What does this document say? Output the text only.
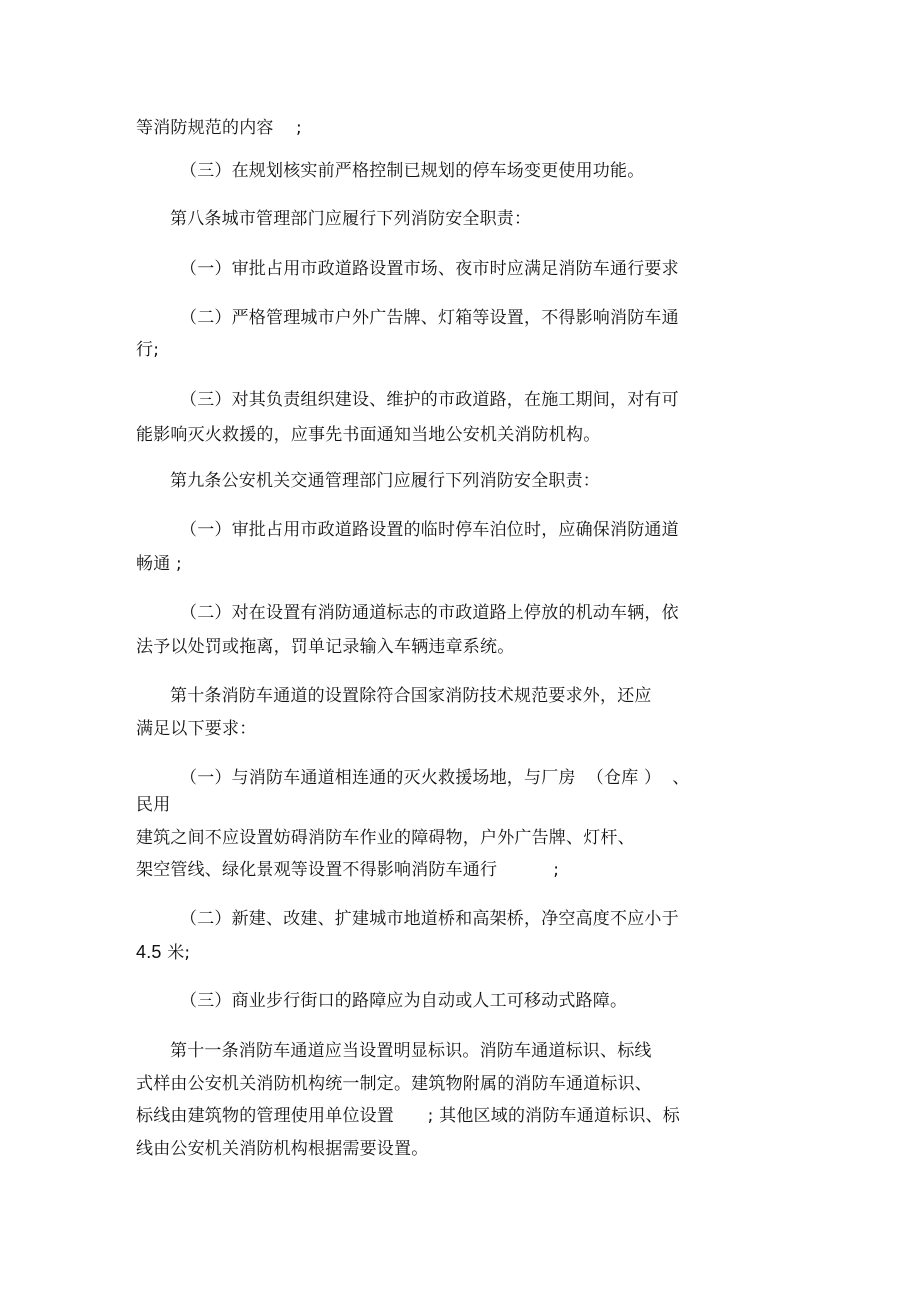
等消防规范的内容    ;
（三）在规划核实前严格控制已规划的停车场变更使用功能。
第八条城市管理部门应履行下列消防安全职责：
（一）审批占用市政道路设置市场、夜市时应满足消防车通行要求
（二）严格管理城市户外广告牌、灯箱等设置，不得影响消防车通
行;
（三）对其负责组织建设、维护的市政道路，在施工期间，对有可
能影响灭火救援的，应事先书面通知当地公安机关消防机构。
第九条公安机关交通管理部门应履行下列消防安全职责：
（一）审批占用市政道路设置的临时停车泊位时，应确保消防通道
畅通 ;
（二）对在设置有消防通道标志的市政道路上停放的机动车辆，依
法予以处罚或拖离，罚单记录输入车辆违章系统。
第十条消防车通道的设置除符合国家消防技术规范要求外，还应
满足以下要求：
（一）与消防车通道相连通的灭火救援场地，与厂房  （仓库 ）  、
民用
建筑之间不应设置妨碍消防车作业的障碍物，户外广告牌、灯杆、
架空管线、绿化景观等设置不得影响消防车通行          ;
（二）新建、改建、扩建城市地道桥和高架桥，净空高度不应小于
4.5 米;
（三）商业步行街口的路障应为自动或人工可移动式路障。
第十一条消防车通道应当设置明显标识。消防车通道标识、标线
式样由公安机关消防机构统一制定。建筑物附属的消防车通道标识、
标线由建筑物的管理使用单位设置      ; 其他区域的消防车通道标识、标
线由公安机关消防机构根据需要设置。
